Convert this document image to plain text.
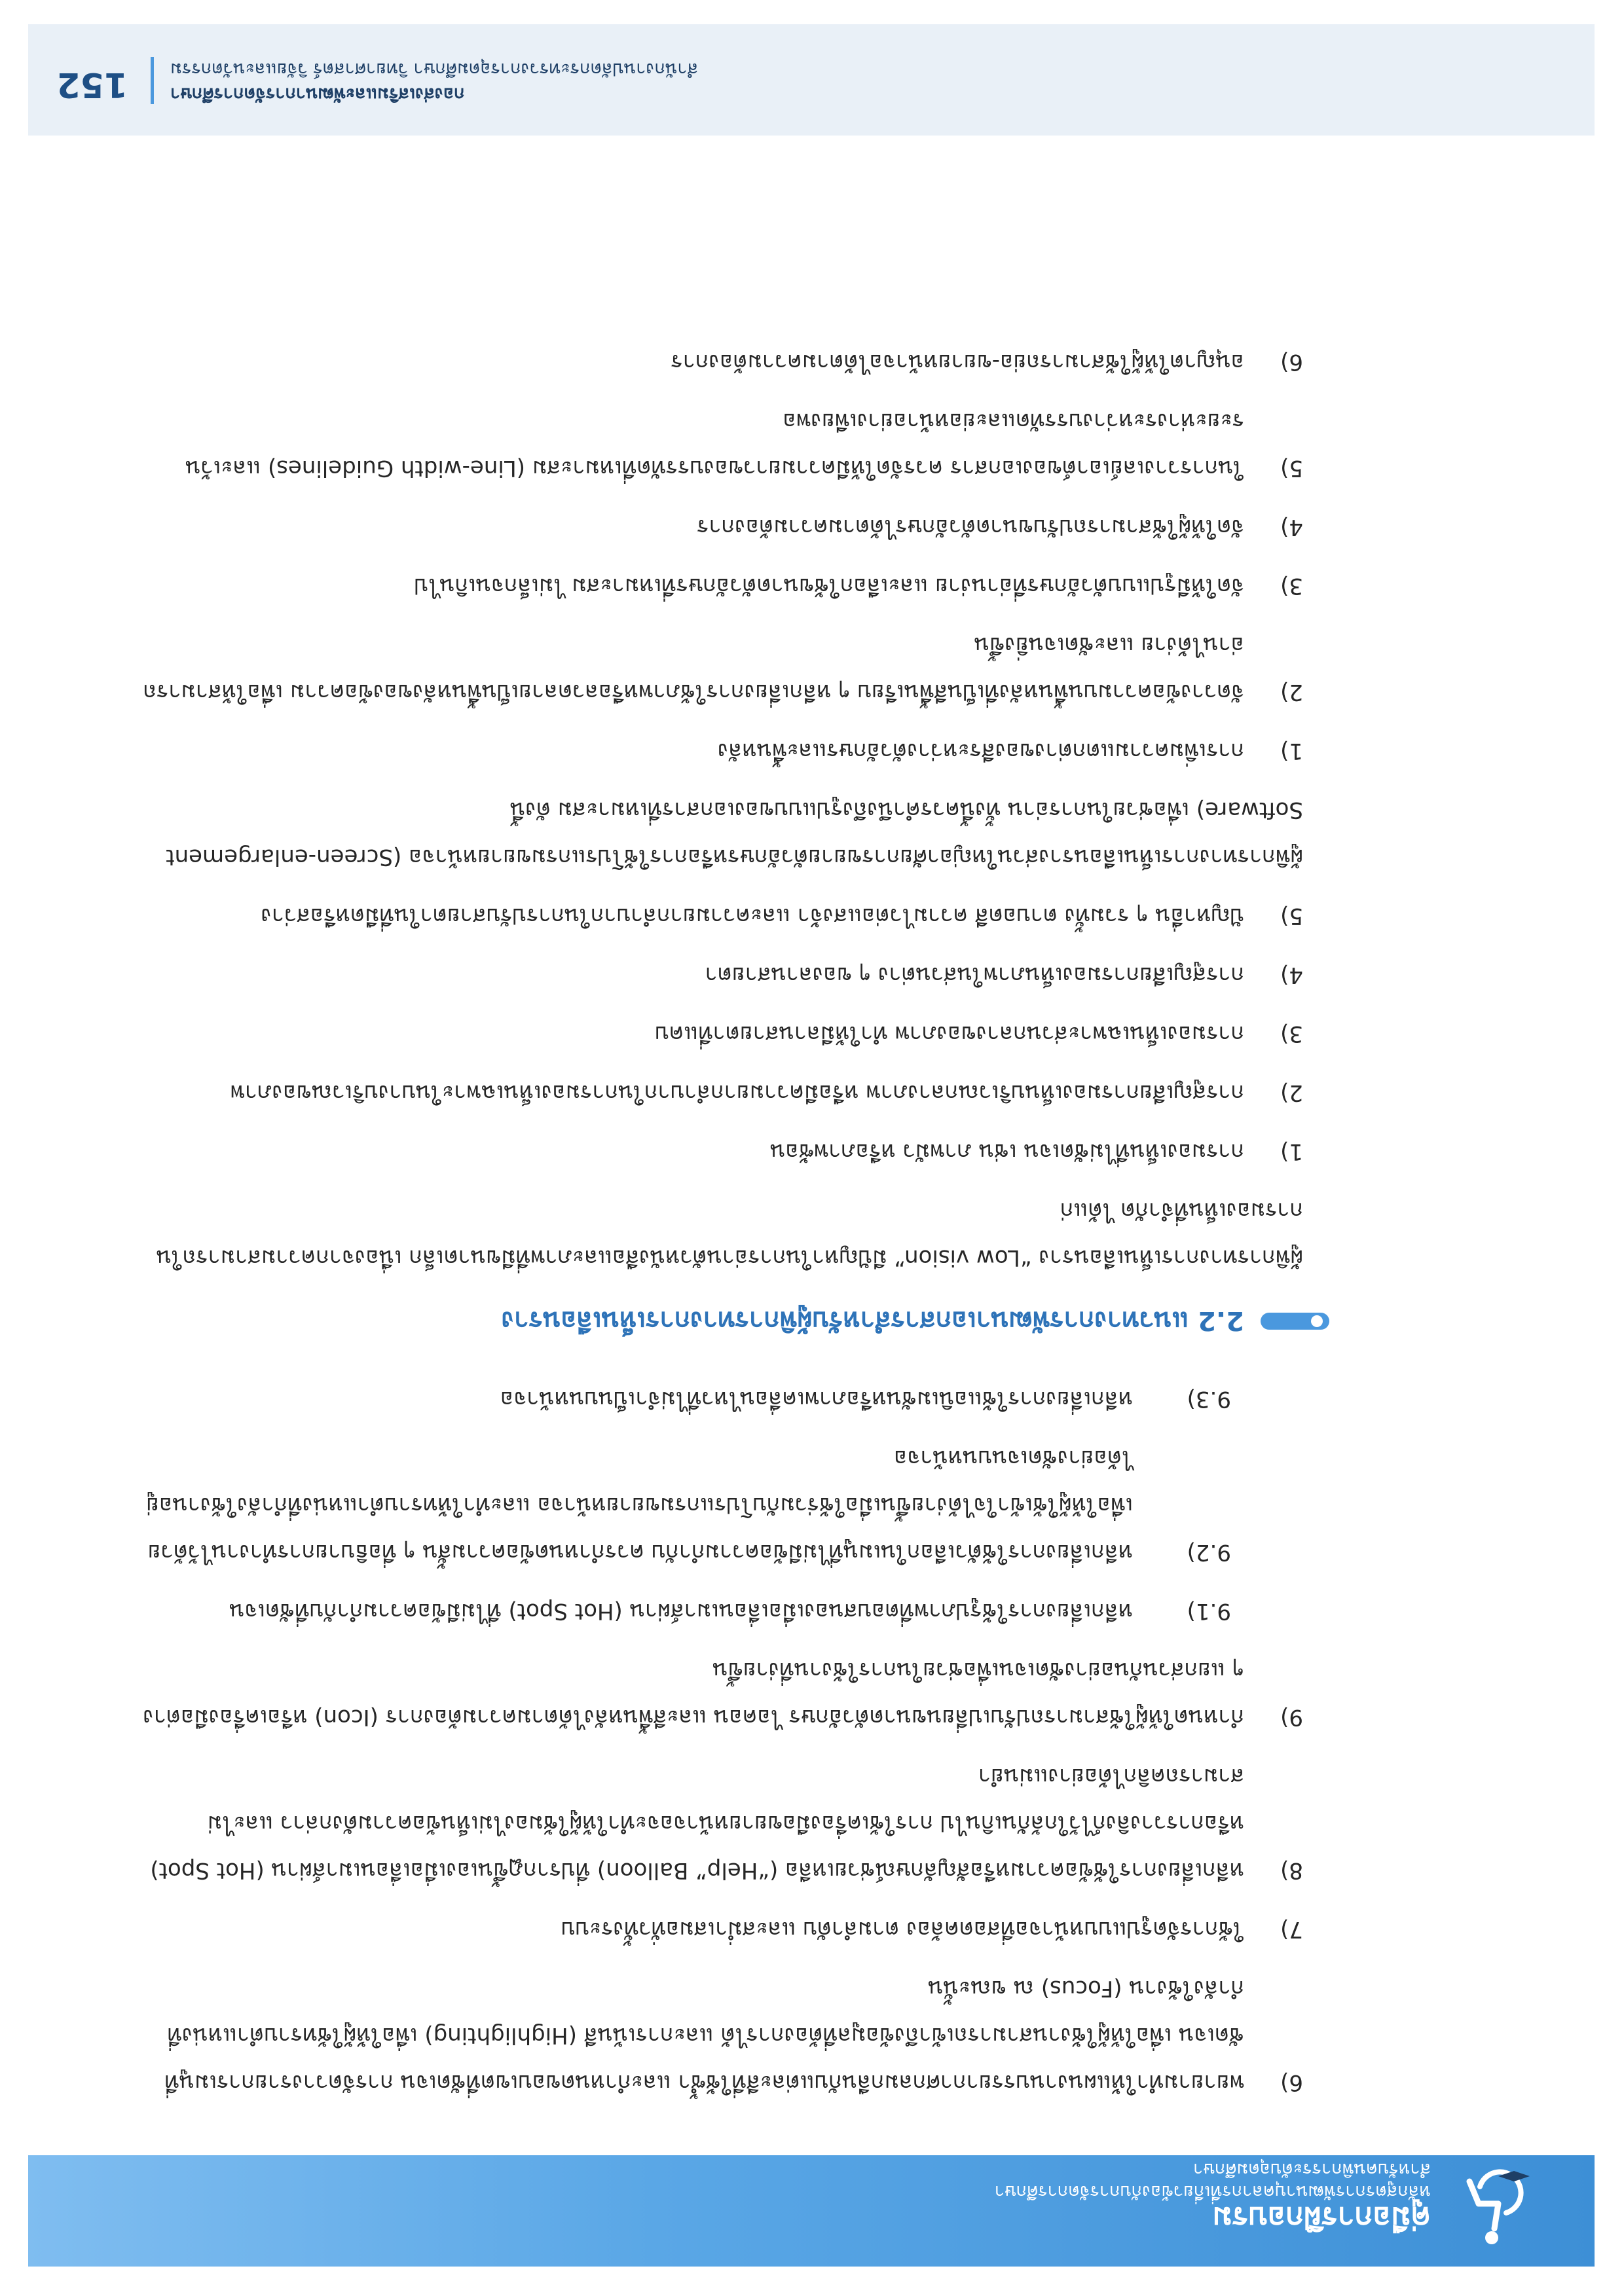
คู่มือการฝึกอบรม
หลักสูตรการพัฒนาบุคลากรที่เกี่ยวข้องกับการจัดการศึกษา
สำหรับคนพิการระดับอุดมศึกษา
6)
พยายามทำให้แผนงานบรรยากาศกลมกลืนกับแต่ละสีที่ใช้ซ้ำ และกำหนดขอบเขตที่ชัดเจน การจัดวางรายการเมนูที่ชัดเจน เพื่อให้ผู้ใช้งานสามารถเข้าถึงข้อมูลที่ต้องการได้ และการเน้นสี (Highlighting) เพื่อให้ผู้ใช้ทราบตำแหน่งที่กำลังใช้งาน (Focus) ณ ขณะนั้น
7)
ใช้การจัดรูปแบบหน้าจอที่สอดคล้อง ตามลำดับ และสม่ำเสมอทั่วทั้งระบบ
8)
หลีกเลี่ยงการใช้ข้อความหรือสัญลักษณ์ช่วยเหลือ (“Help” Balloon) ที่ปรากฏขึ้นเองเมื่อเลื่อนเมาส์ผ่าน (Hot Spot) หรือการวางลิงก์ไว้ใกล้กันเกินไป การใช้เครื่องมือขยายหน้าจอจะทำให้ผู้ใช้มองไม่เห็นข้อความดังกล่าว และไม่สามารถคลิกได้อย่างแม่นยำ
9)
กำหนดให้ผู้ใช้สามารถปรับเปลี่ยนขนาดตัวอักษร ไอคอน และสีพื้นหลังได้ตามความต้องการ (Icon) หรือเครื่องมือต่าง ๆ แยกส่วนกันอย่างชัดเจนเพื่อช่วยในการใช้งานที่ง่ายขึ้น
9.1)
หลีกเลี่ยงการใช้รูปภาพที่ตอบสนองเมื่อเลื่อนเมาส์ผ่าน (Hot Spot) ที่ไม่มีข้อความกำกับที่ชัดเจน
9.2)
หลีกเลี่ยงการใช้ตัวเลือกในเมนูที่ไม่มีข้อความกำกับ ควรกำหนดข้อความสั้น ๆ ที่อธิบายการทำงานไว้ด้วย เพื่อให้ผู้ใช้เข้าใจได้ง่ายขึ้นเมื่อใช้ร่วมกับโปรแกรมขยายหน้าจอ และทำให้ทราบตำแหน่งที่กำลังใช้งานอยู่ได้อย่างชัดเจนบนหน้าจอ
9.3)
หลีกเลี่ยงการใช้แอนิเมชันหรือภาพเคลื่อนไหวที่ไม่จำเป็นบนหน้าจอ
2.2 แนวทางการพัฒนาเอกสารสำหรับผู้พิการทางการเห็นเลือนราง
ผู้พิการทางการเห็นเลือนราง “Low vision” มีปัญหาในการอ่านตัวหนังสือและภาพที่มีขนาดเล็ก เนื่องจากความสามารถในการมองเห็นที่จำกัด ได้แก่
1)
การมองเห็นที่ไม่ชัดเจน เช่น ภาพมัว หรือภาพซ้อน
2)
การสูญเสียการมองเห็นบริเวณกลางภาพ หรือมีความยากลำบากในการมองเห็นเฉพาะในบางบริเวณของภาพ
3)
การมองเห็นเฉพาะส่วนกลางของภาพ ทำให้มีลานสายตาที่แคบ
4)
การสูญเสียการมองเห็นภาพในส่วนต่าง ๆ ของลานสายตา
5)
ปัญหาอื่น ๆ รวมทั้ง ตาบอดสี ความไวต่อแสงจ้า และความยากลำบากในการปรับสายตาในที่มืดหรือสว่าง
ผู้พิการทางการเห็นเลือนรางส่วนใหญ่อาศัยการขยายตัวอักษรหรือการใช้โปรแกรมขยายหน้าจอ (Screen-enlargement Software) เพื่อช่วยในการอ่าน ทั้งนี้ควรคำนึงถึงรูปแบบของเอกสารที่เหมาะสม ดังนี้
1)
การเพิ่มความแตกต่างของสีระหว่างตัวอักษรและพื้นหลัง
2)
จัดวางข้อความบนพื้นหลังที่เป็นสีพื้นเรียบ ๆ หลีกเลี่ยงการใช้ภาพหรือลวดลายเป็นพื้นหลังของข้อความ เพื่อให้สามารถอ่านได้ง่าย และชัดเจนยิ่งขึ้น
3)
จัดให้มีรูปแบบตัวอักษรที่อ่านง่าย และเลือกใช้ขนาดตัวอักษรที่เหมาะสม ไม่เล็กจนเกินไป
4)
จัดให้ผู้ใช้สามารถปรับขนาดตัวอักษรได้ตามความต้องการ
5)
ในการวางเลย์เอาต์ของเอกสาร ควรจัดให้มีความยาวของบรรทัดที่เหมาะสม (Line-width Guidelines) และเว้นระยะห่างระหว่างบรรทัดและย่อหน้าอย่างเพียงพอ
6)
อนุญาตให้ผู้ใช้สามารถย่อ-ขยายหน้าจอได้ตามความต้องการ
กองส่งเสริมและพัฒนาการจัดการศึกษา
สำนักงานปลัดกระทรวงการอุดมศึกษา วิทยาศาสตร์ วิจัยและนวัตกรรม
152
